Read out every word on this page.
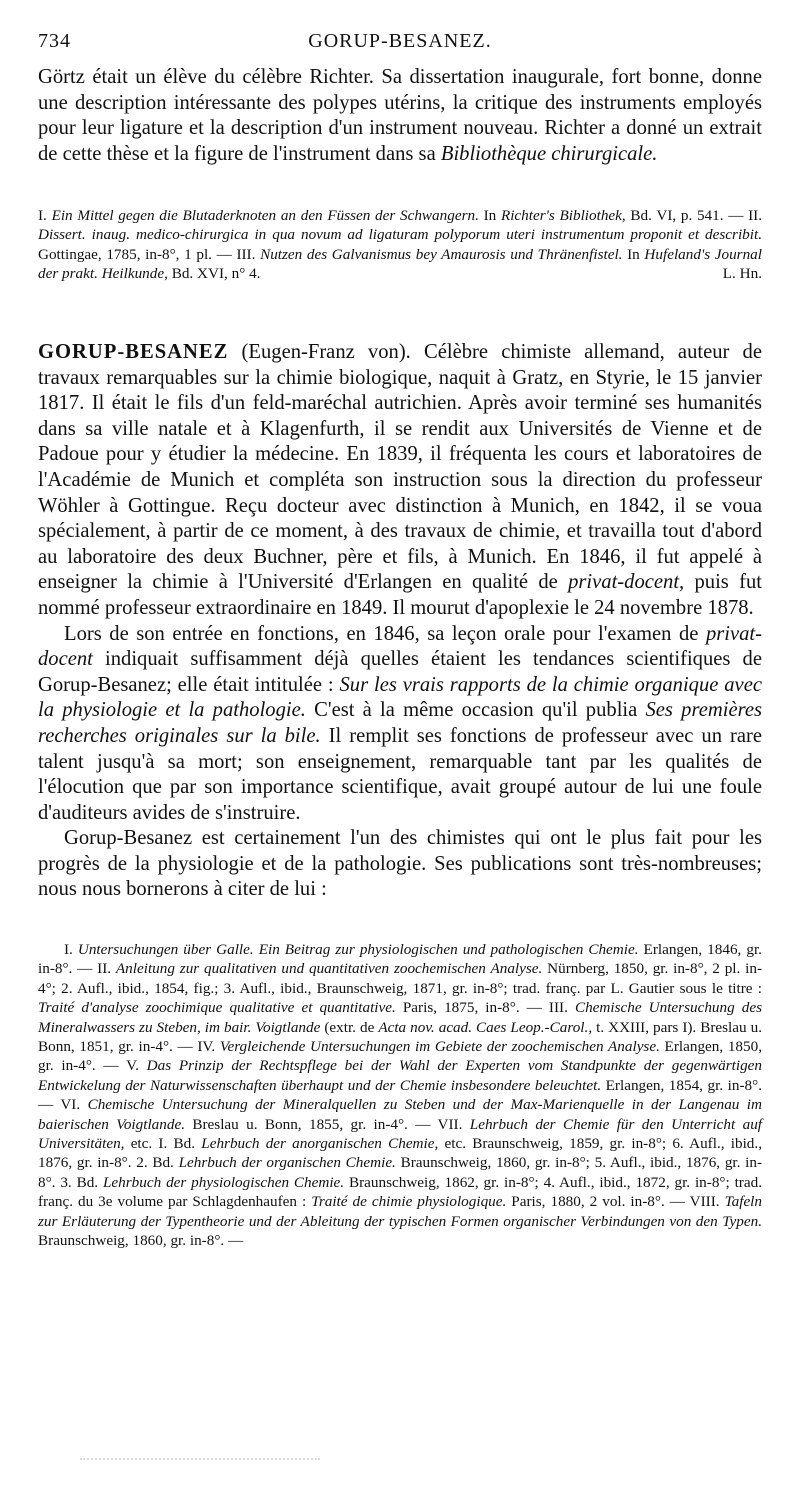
734	GORUP-BESANEZ.

Görtz était un élève du célèbre Richter. Sa dissertation inaugurale, fort bonne, donne une description intéressante des polypes utérins, la critique des instruments employés pour leur ligature et la description d'un instrument nouveau. Richter a donné un extrait de cette thèse et la figure de l'instrument dans sa Bibliothèque chirurgicale.

I. Ein Mittel gegen die Blutaderknoten an den Füssen der Schwangern. In Richter's Bibliothek, Bd. VI, p. 541. — II. Dissert. inaug. medico-chirurgica in qua novum ad ligaturam polyporum uteri instrumentum proponit et describit. Gottingae, 1785, in-8°, 1 pl. — III. Nutzen des Galvanismus bey Amaurosis und Thränenfistel. In Hufeland's Journal der prakt. Heilkunde, Bd. XVI, n° 4.	L. Hn.

GORUP-BESANEZ (Eugen-Franz von). Célèbre chimiste allemand, auteur de travaux remarquables sur la chimie biologique, naquit à Gratz, en Styrie, le 15 janvier 1817. Il était le fils d'un feld-maréchal autrichien. Après avoir terminé ses humanités dans sa ville natale et à Klagenfurth, il se rendit aux Universités de Vienne et de Padoue pour y étudier la médecine. En 1839, il fréquenta les cours et laboratoires de l'Académie de Munich et compléta son instruction sous la direction du professeur Wöhler à Gottingue. Reçu docteur avec distinction à Munich, en 1842, il se voua spécialement, à partir de ce moment, à des travaux de chimie, et travailla tout d'abord au laboratoire des deux Buchner, père et fils, à Munich. En 1846, il fut appelé à enseigner la chimie à l'Université d'Erlangen en qualité de privat-docent, puis fut nommé professeur extraordinaire en 1849. Il mourut d'apoplexie le 24 novembre 1878.

Lors de son entrée en fonctions, en 1846, sa leçon orale pour l'examen de privat-docent indiquait suffisamment déjà quelles étaient les tendances scientifiques de Gorup-Besanez; elle était intitulée : Sur les vrais rapports de la chimie organique avec la physiologie et la pathologie. C'est à la même occasion qu'il publia Ses premières recherches originales sur la bile. Il remplit ses fonctions de professeur avec un rare talent jusqu'à sa mort; son enseignement, remarquable tant par les qualités de l'élocution que par son importance scientifique, avait groupé autour de lui une foule d'auditeurs avides de s'instruire.

Gorup-Besanez est certainement l'un des chimistes qui ont le plus fait pour les progrès de la physiologie et de la pathologie. Ses publications sont très-nombreuses; nous nous bornerons à citer de lui :

I. Untersuchungen über Galle. Ein Beitrag zur physiologischen und pathologischen Chemie. Erlangen, 1846, gr. in-8°. — II. Anleitung zur qualitativen und quantitativen zoochemischen Analyse. Nürnberg, 1850, gr. in-8°, 2 pl. in-4°; 2. Aufl., ibid., 1854, fig.; 3. Aufl., ibid., Braunschweig, 1871, gr. in-8°; trad. franç. par L. Gautier sous le titre : Traité d'analyse zoochimique qualitative et quantitative. Paris, 1875, in-8°. — III. Chemische Untersuchung des Mineralwassers zu Steben, im bair. Voigtlande (extr. de Acta nov. acad. Caes Leop.-Carol., t. XXIII, pars I). Breslau u. Bonn, 1851, gr. in-4°. — IV. Vergleichende Untersuchungen im Gebiete der zoochemischen Analyse. Erlangen, 1850, gr. in-4°. — V. Das Prinzip der Rechtspflege bei der Wahl der Experten vom Standpunkte der gegenwärtigen Entwickelung der Naturwissenschaften überhaupt und der Chemie insbesondere beleuchtet. Erlangen, 1854, gr. in-8°. — VI. Chemische Untersuchung der Mineralquellen zu Steben und der Max-Marienquelle in der Langenau im baierischen Voigtlande. Breslau u. Bonn, 1855, gr. in-4°. — VII. Lehrbuch der Chemie für den Unterricht auf Universitäten, etc. I. Bd. Lehrbuch der anorganischen Chemie, etc. Braunschweig, 1859, gr. in-8°; 6. Aufl., ibid., 1876, gr. in-8°. 2. Bd. Lehrbuch der organischen Chemie. Braunschweig, 1860, gr. in-8°; 5. Aufl., ibid., 1876, gr. in-8°. 3. Bd. Lehrbuch der physiologischen Chemie. Braunschweig, 1862, gr. in-8°; 4. Aufl., ibid., 1872, gr. in-8°; trad. franç. du 3e volume par Schlagdenhaufen : Traité de chimie physiologique. Paris, 1880, 2 vol. in-8°. — VIII. Tafeln zur Erläuterung der Typentheorie und der Ableitung der typischen Formen organischer Verbindungen von den Typen. Braunschweig, 1860, gr. in-8°. —
